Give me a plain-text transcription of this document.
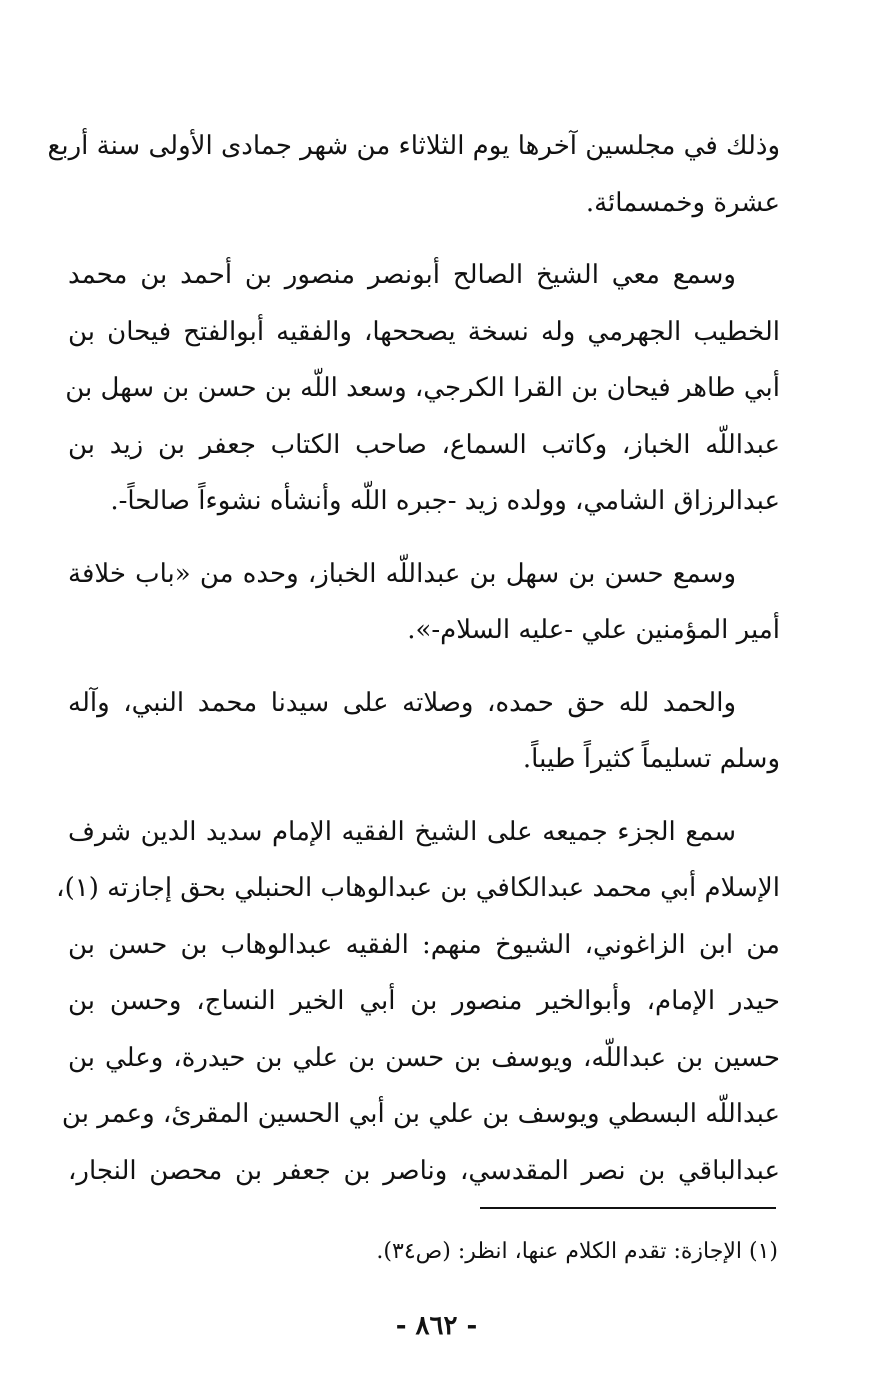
وذلك في مجلسين آخرها يوم الثلاثاء من شهر جمادى الأولى سنة أربع
عشرة وخمسمائة.

وسمع معي الشيخ الصالح أبونصر منصور بن أحمد بن محمد
الخطيب الجهرمي وله نسخة يصححها، والفقيه أبوالفتح فيحان بن
أبي طاهر فيحان بن القرا الكرجي، وسعد اللّه بن حسن بن سهل بن
عبداللّه الخباز، وكاتب السماع، صاحب الكتاب جعفر بن زيد بن
عبدالرزاق الشامي، وولده زيد -جبره اللّه وأنشأه نشوءاً صالحاً-.

وسمع حسن بن سهل بن عبداللّه الخباز، وحده من «باب خلافة
أمير المؤمنين علي -عليه السلام-».

والحمد لله حق حمده، وصلاته على سيدنا محمد النبي، وآله
وسلم تسليماً كثيراً طيباً.

سمع الجزء جميعه على الشيخ الفقيه الإمام سديد الدين شرف
الإسلام أبي محمد عبدالكافي بن عبدالوهاب الحنبلي بحق إجازته (١)،
من ابن الزاغوني، الشيوخ منهم: الفقيه عبدالوهاب بن حسن بن
حيدر الإمام، وأبوالخير منصور بن أبي الخير النساج، وحسن بن
حسين بن عبداللّه، ويوسف بن حسن بن علي بن حيدرة، وعلي بن
عبداللّه البسطي ويوسف بن علي بن أبي الحسين المقرئ، وعمر بن
عبدالباقي بن نصر المقدسي، وناصر بن جعفر بن محصن النجار،

(١) الإجازة: تقدم الكلام عنها، انظر: (ص٣٤).
- ٨٦٢ -
